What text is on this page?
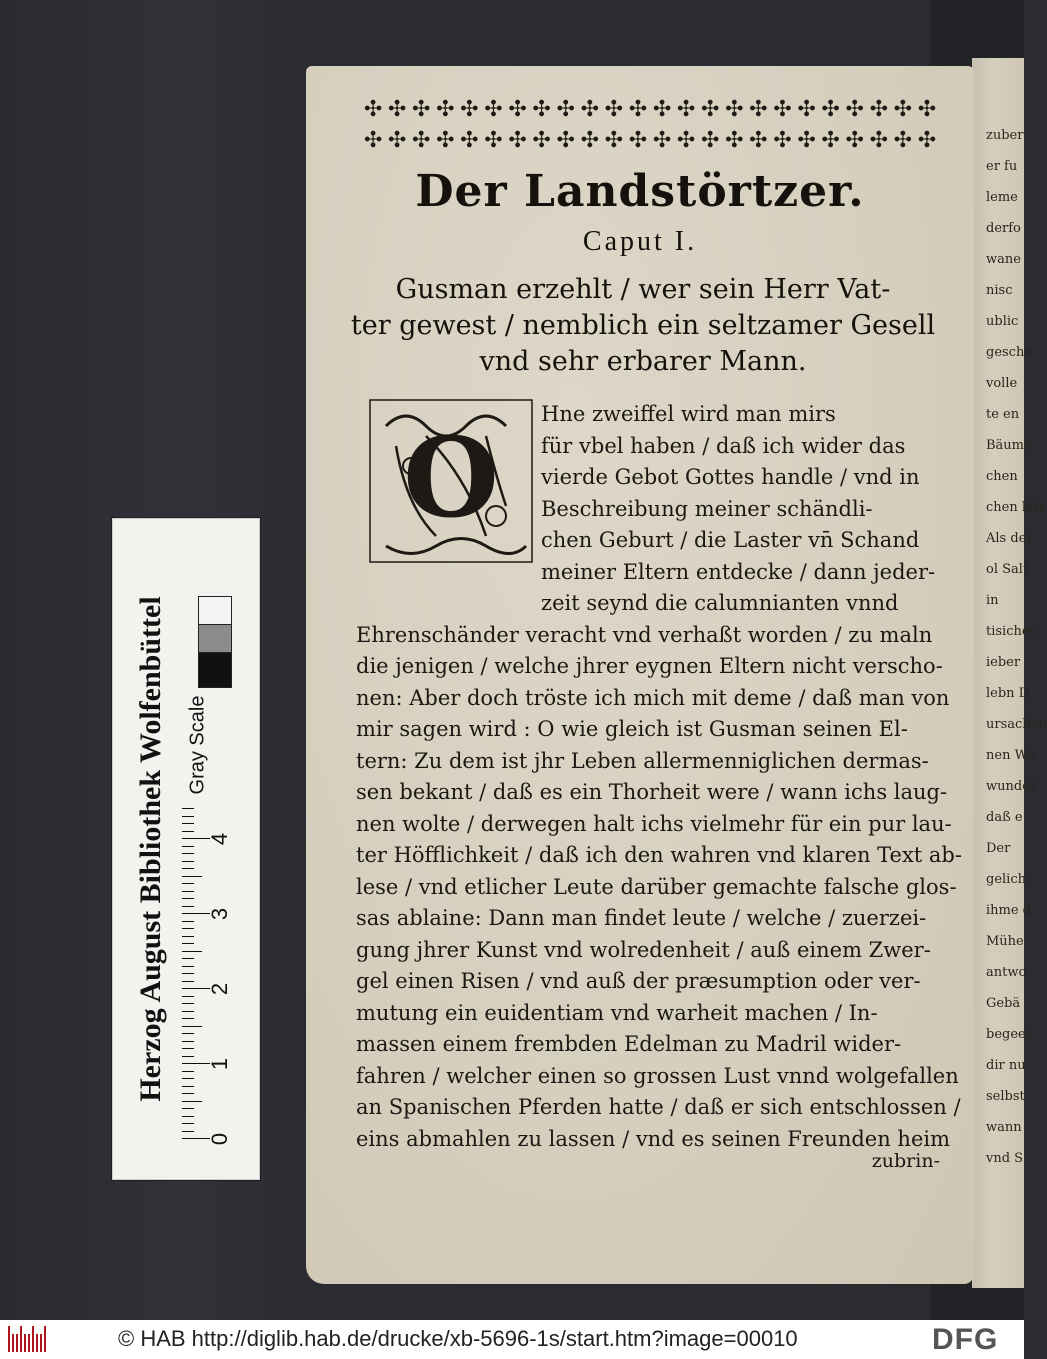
Herzog August Bibliothek Wolfenbüttel Gray Scale
0
1
2
3
4
zuber
er fu
leme
derfo
wane
nisc
ublic
gesche
volle
te en
Bäume
chen
chen lafs
Als der
ol Salt
in
tisicher
ieber
lebn D
ursachen
nen We
wunder
daß e
Der
gelich
ihme d
Mühe
antwo
Gebä
begeer
dir nu
selbst
wann
vnd S
✣ ✣ ✣ ✣ ✣ ✣ ✣ ✣ ✣ ✣ ✣ ✣ ✣ ✣ ✣ ✣ ✣ ✣ ✣ ✣ ✣ ✣ ✣ ✣
✣ ✣ ✣ ✣ ✣ ✣ ✣ ✣ ✣ ✣ ✣ ✣ ✣ ✣ ✣ ✣ ✣ ✣ ✣ ✣ ✣ ✣ ✣ ✣
Der Landstörtzer.
Caput I.
Gusman erzehlt / wer sein Herr Vat-
ter gewest / nemblich ein seltzamer Gesell
vnd sehr erbarer Mann.
O Hne zweiffel wird man mirs
für vbel haben / daß ich wider das
vierde Gebot Gottes handle / vnd in
Beschreibung meiner schändli-
chen Geburt / die Laster vn̄ Schand
meiner Eltern entdecke / dann jeder-
zeit seynd die calumnianten vnnd
Ehrenschänder veracht vnd verhaßt worden / zu maln
die jenigen / welche jhrer eygnen Eltern nicht verscho-
nen: Aber doch tröste ich mich mit deme / daß man von
mir sagen wird : O wie gleich ist Gusman seinen El-
tern: Zu dem ist jhr Leben allermenniglichen dermas-
sen bekant / daß es ein Thorheit were / wann ichs laug-
nen wolte / derwegen halt ichs vielmehr für ein pur lau-
ter Höfflichkeit / daß ich den wahren vnd klaren Text ab-
lese / vnd etlicher Leute darüber gemachte falsche glos-
sas ablaine: Dann man findet leute / welche / zuerzei-
gung jhrer Kunst vnd wolredenheit / auß einem Zwer-
gel einen Risen / vnd auß der præsumption oder ver-
mutung ein euidentiam vnd warheit machen / In-
massen einem frembden Edelman zu Madril wider-
fahren / welcher einen so grossen Lust vnnd wolgefallen
an Spanischen Pferden hatte / daß er sich entschlossen /
eins abmahlen zu lassen / vnd es seinen Freunden heim
zubrin-
© HAB http://diglib.hab.de/drucke/xb-5696-1s/start.htm?image=00010	DFG
